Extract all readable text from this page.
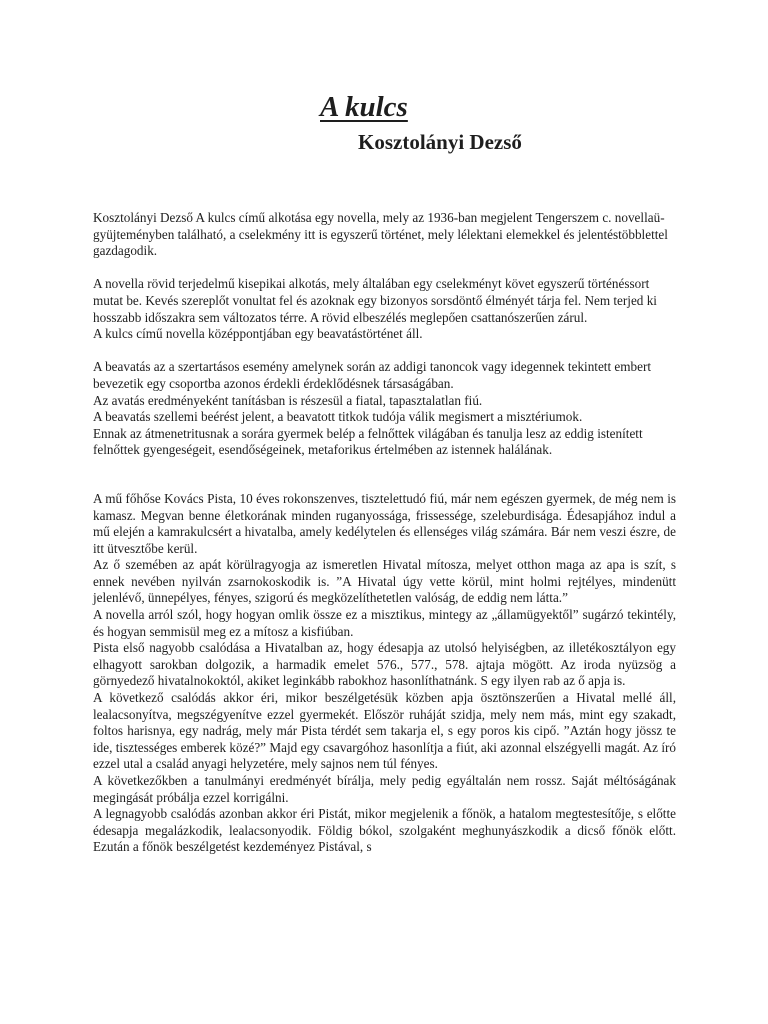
A kulcs
Kosztolányi Dezső

Kosztolányi Dezső A kulcs című alkotása egy novella, mely az 1936-ban megjelent Tengerszem c. novellaü-gyüjteményben található, a cselekmény itt is egyszerű történet, mely lélektani elemekkel és jelentéstöbblettel gazdagodik.

A novella rövid terjedelmű kisepikai alkotás, mely általában egy cselekményt követ egyszerű történéssort mutat be. Kevés szereplőt vonultat fel és azoknak egy bizonyos sorsdöntő élményét tárja fel. Nem terjed ki hosszabb időszakra sem változatos térre. A rövid elbeszélés meglepően csattanószerűen zárul.

A kulcs című novella középpontjában egy beavatástörténet áll.

A beavatás az a szertartásos esemény amelynek során az addigi tanoncok vagy idegennek tekintett embert bevezetik egy csoportba azonos érdekli érdeklődésnek társaságában.

Az avatás eredményeként tanításban is részesül a fiatal, tapasztalatlan fiú.

A beavatás szellemi beérést jelent, a beavatott titkok tudója válik megismert a misztériumok.

Ennak az átmenetritusnak a sorára gyermek belép a felnőttek világában és tanulja lesz az eddig istenített felnőttek gyengeségeit, esendőségeinek, metaforikus értelmében az istennek halálának.

A mű főhőse Kovács Pista, 10 éves rokonszenves, tisztelettudó fiú, már nem egészen gyermek, de még nem is kamasz. Megvan benne életkorának minden ruganyossága, frissessége, szeleburdisága. Édesapjához indul a mű elején a kamrakulcsért a hivatalba, amely kedélytelen és ellenséges világ számára. Bár nem veszi észre, de itt ütvesztőbe kerül.

Az ő szemében az apát körülragyogja az ismeretlen Hivatal mítosza, melyet otthon maga az apa is szít, s ennek nevében nyilván zsarnokoskodik is. ”A Hivatal úgy vette körül, mint holmi rejtélyes, mindenütt jelenlévő, ünnepélyes, fényes, szigorú és megközelíthetetlen valóság, de eddig nem látta.”

A novella arról szól, hogy hogyan omlik össze ez a misztikus, mintegy az „államügyektől” sugárzó tekintély, és hogyan semmisül meg ez a mítosz a kisfiúban.

Pista első nagyobb csalódása a Hivatalban az, hogy édesapja az utolsó helyiségben, az illetékosztályon egy elhagyott sarokban dolgozik, a harmadik emelet 576., 577., 578. ajtaja mögött. Az iroda nyüzsög a görnyedező hivatalnokoktól, akiket leginkább rabokhoz hasonlíthatnánk. S egy ilyen rab az ő apja is.

A következő csalódás akkor éri, mikor beszélgetésük közben apja ösztönszerűen a Hivatal mellé áll, lealacsonyítva, megszégyenítve ezzel gyermekét. Először ruháját szidja, mely nem más, mint egy szakadt, foltos harisnya, egy nadrág, mely már Pista térdét sem takarja el, s egy poros kis cipő. ”Aztán hogy jössz te ide, tisztességes emberek közé?” Majd egy csavargóhoz hasonlítja a fiút, aki azonnal elszégyelli magát. Az író ezzel utal a család anyagi helyzetére, mely sajnos nem túl fényes.

A következőkben a tanulmányi eredményét bírálja, mely pedig egyáltalán nem rossz. Saját méltóságának megingását próbálja ezzel korrigálni.

A legnagyobb csalódás azonban akkor éri Pistát, mikor megjelenik a főnök, a hatalom megtestesítője, s előtte édesapja megalázkodik, lealacsonyodik. Földig bókol, szolgaként meghunyászkodik a dicső főnök előtt. Ezután a főnök beszélgetést kezdeményez Pistával, s
